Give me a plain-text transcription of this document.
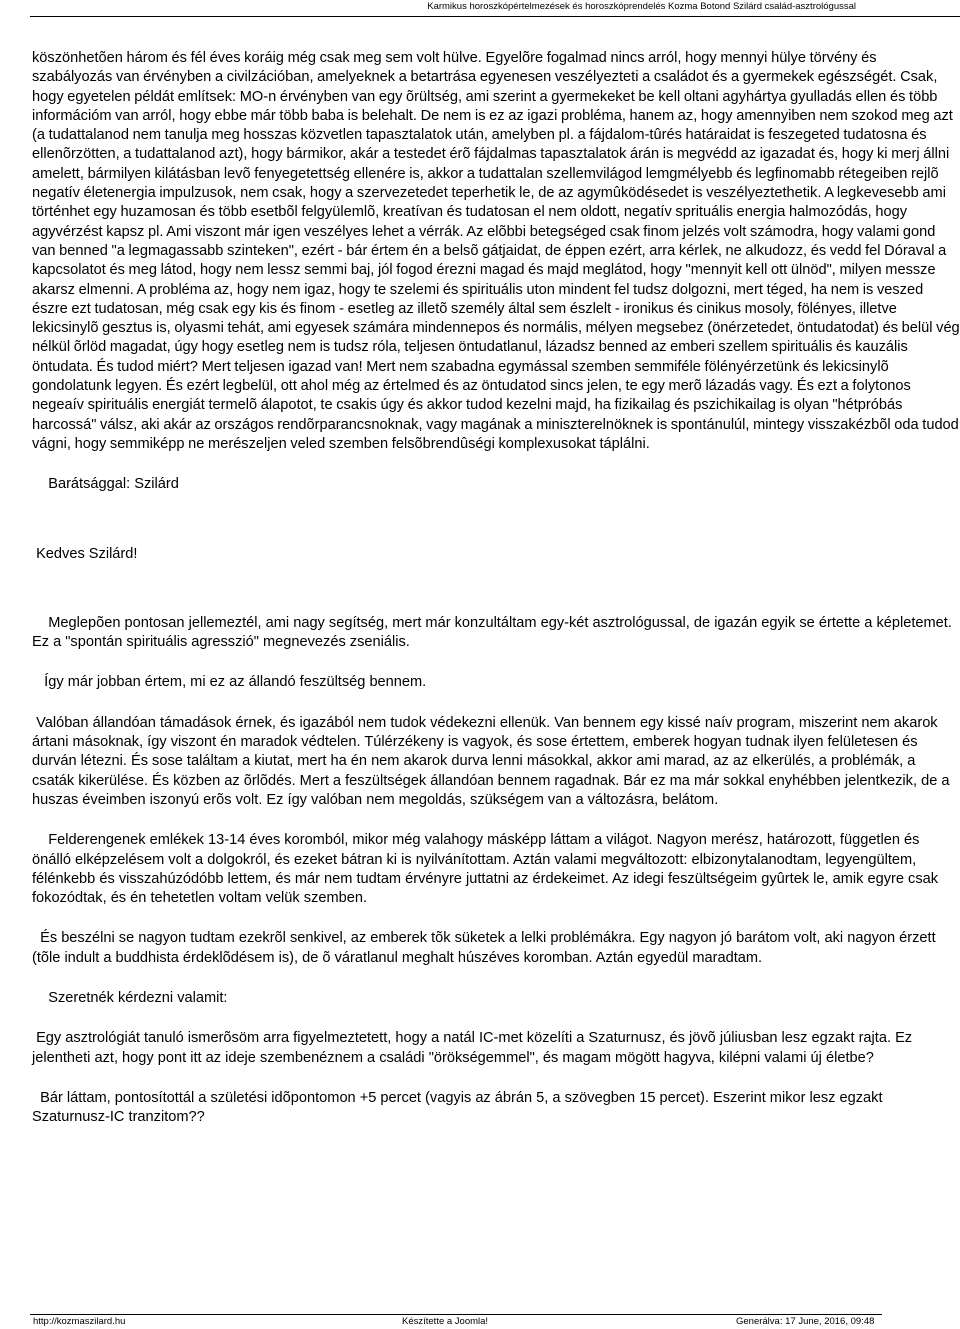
Karmikus horoszkópértelmezések és horoszkóprendelés Kozma Botond Szilárd család-asztrológussal

köszönhetõen három és fél éves koráig még csak meg sem volt hülve. Egyelõre fogalmad nincs arról, hogy mennyi hülye törvény és szabályozás van érvényben a civilzációban, amelyeknek a betartrása egyenesen veszélyezteti a családot és a gyermekek egészségét. Csak, hogy egyetelen példát említsek: MO-n érvényben van egy õrültség, ami szerint a gyermekeket be kell oltani agyhártya gyulladás ellen és több információm van arról, hogy ebbe már több baba is belehalt. De nem is ez az igazi probléma, hanem az, hogy amennyiben nem szokod meg azt (a tudattalanod nem tanulja meg hosszas közvetlen tapasztalatok után, amelyben pl. a fájdalom-tûrés határaidat is feszegeted tudatosna és ellenõrzötten, a tudattalanod azt), hogy bármikor, akár a testedet érõ fájdalmas tapasztalatok árán is megvédd az igazadat és, hogy ki merj állni amelett, bármilyen kilátásban levõ fenyegetettség ellenére is, akkor a tudattalan szellemvilágod lemgmélyebb és legfinomabb rétegeiben rejlõ negatív életenergia impulzusok, nem csak, hogy a szervezetedet teperhetik le, de az agymûködésedet is veszélyeztethetik. A legkevesebb ami történhet egy huzamosan és több esetbõl felgyülemlõ, kreatívan és tudatosan el nem oldott, negatív sprituális energia halmozódás, hogy agyvérzést kapsz pl. Ami viszont már igen veszélyes lehet a vérrák. Az elõbbi betegséged csak finom jelzés volt számodra, hogy valami gond van benned "a legmagassabb szinteken", ezért - bár értem én a belsõ gátjaidat, de éppen ezért, arra kérlek, ne alkudozz, és vedd fel Dóraval a kapcsolatot és meg látod, hogy nem lessz semmi baj, jól fogod érezni magad és majd meglátod, hogy "mennyit kell ott ülnöd", milyen messze akarsz elmenni. A probléma az, hogy nem igaz, hogy te szelemi és spirituális uton mindent fel tudsz dolgozni, mert téged, ha nem is veszed észre ezt tudatosan, még csak egy kis és finom - esetleg az illetõ személy által sem észlelt - ironikus és cinikus mosoly, fölényes, illetve lekicsinylõ gesztus is, olyasmi tehát, ami egyesek számára mindennepos és normális, mélyen megsebez (önérzetedet, öntudatodat) és belül vég nélkül õrlöd magadat, úgy hogy esetleg nem is tudsz róla, teljesen öntudatlanul, lázadsz benned az emberi szellem spirituális és kauzális öntudata. És tudod miért? Mert teljesen igazad van! Mert nem szabadna egymással szemben semmiféle fölényérzetünk és lekicsinylõ gondolatunk legyen. És ezért legbelül, ott ahol még az értelmed és az öntudatod sincs jelen, te egy merõ lázadás vagy. És ezt a folytonos negeaív spirituális energiát termelõ álapotot, te csakis úgy és akkor tudod kezelni majd, ha fizikailag és pszichikailag is olyan "hétpróbás harcossá" válsz, aki akár az országos rendõrparancsnoknak, vagy magának a miniszterelnöknek is spontánulúl, mintegy visszakézbõl oda tudod vágni, hogy semmiképp ne merészeljen veled szemben felsõbrendûségi komplexusokat táplálni.

Barátsággal: Szilárd

Kedves Szilárd!

Meglepõen pontosan jellemeztél, ami nagy segítség, mert már konzultáltam egy-két asztrológussal, de igazán egyik se értette a képletemet. Ez a "spontán spirituális agresszió" megnevezés zseniális.

Így már jobban értem, mi ez az állandó feszültség bennem.

Valóban állandóan támadások érnek, és igazából nem tudok védekezni ellenük. Van bennem egy kissé naív program, miszerint nem akarok ártani másoknak, így viszont én maradok védtelen. Túlérzékeny is vagyok, és sose értettem, emberek hogyan tudnak ilyen felületesen és durván létezni. És sose találtam a kiutat, mert ha én nem akarok durva lenni másokkal, akkor ami marad, az az elkerülés, a problémák, a csaták kikerülése. És közben az õrlõdés. Mert a feszültségek állandóan bennem ragadnak. Bár ez ma már sokkal enyhébben jelentkezik, de a huszas éveimben iszonyú erõs volt. Ez így valóban nem megoldás, szükségem van a változásra, belátom.

Felderengenek emlékek 13-14 éves koromból, mikor még valahogy másképp láttam a világot. Nagyon merész, határozott, független és önálló elképzelésem volt a dolgokról, és ezeket bátran ki is nyilvánítottam. Aztán valami megváltozott: elbizonytalanodtam, legyengültem, félénkebb és visszahúzódóbb lettem, és már nem tudtam érvényre juttatni az érdekeimet. Az idegi feszültségeim gyûrtek le, amik egyre csak fokozódtak, és én tehetetlen voltam velük szemben.

És beszélni se nagyon tudtam ezekrõl senkivel, az emberek tõk süketek a lelki problémákra. Egy nagyon jó barátom volt, aki nagyon érzett (tõle indult a buddhista érdeklõdésem is), de õ váratlanul meghalt húszéves koromban. Aztán egyedül maradtam.

Szeretnék kérdezni valamit:

Egy asztrológiát tanuló ismerõsöm arra figyelmeztetett, hogy a natál IC-met közelíti a Szaturnusz, és jövõ júliusban lesz egzakt rajta. Ez jelentheti azt, hogy pont itt az ideje szembenéznem a családi "örökségemmel", és magam mögött hagyva, kilépni valami új életbe?

Bár láttam, pontosítottál a születési idõpontomon +5 percet (vagyis az ábrán 5, a szövegben 15 percet). Eszerint mikor lesz egzakt Szaturnusz-IC tranzitom??

http://kozmaszilard.hu	Készítette a Joomla!	Generálva: 17 June, 2016, 09:48
